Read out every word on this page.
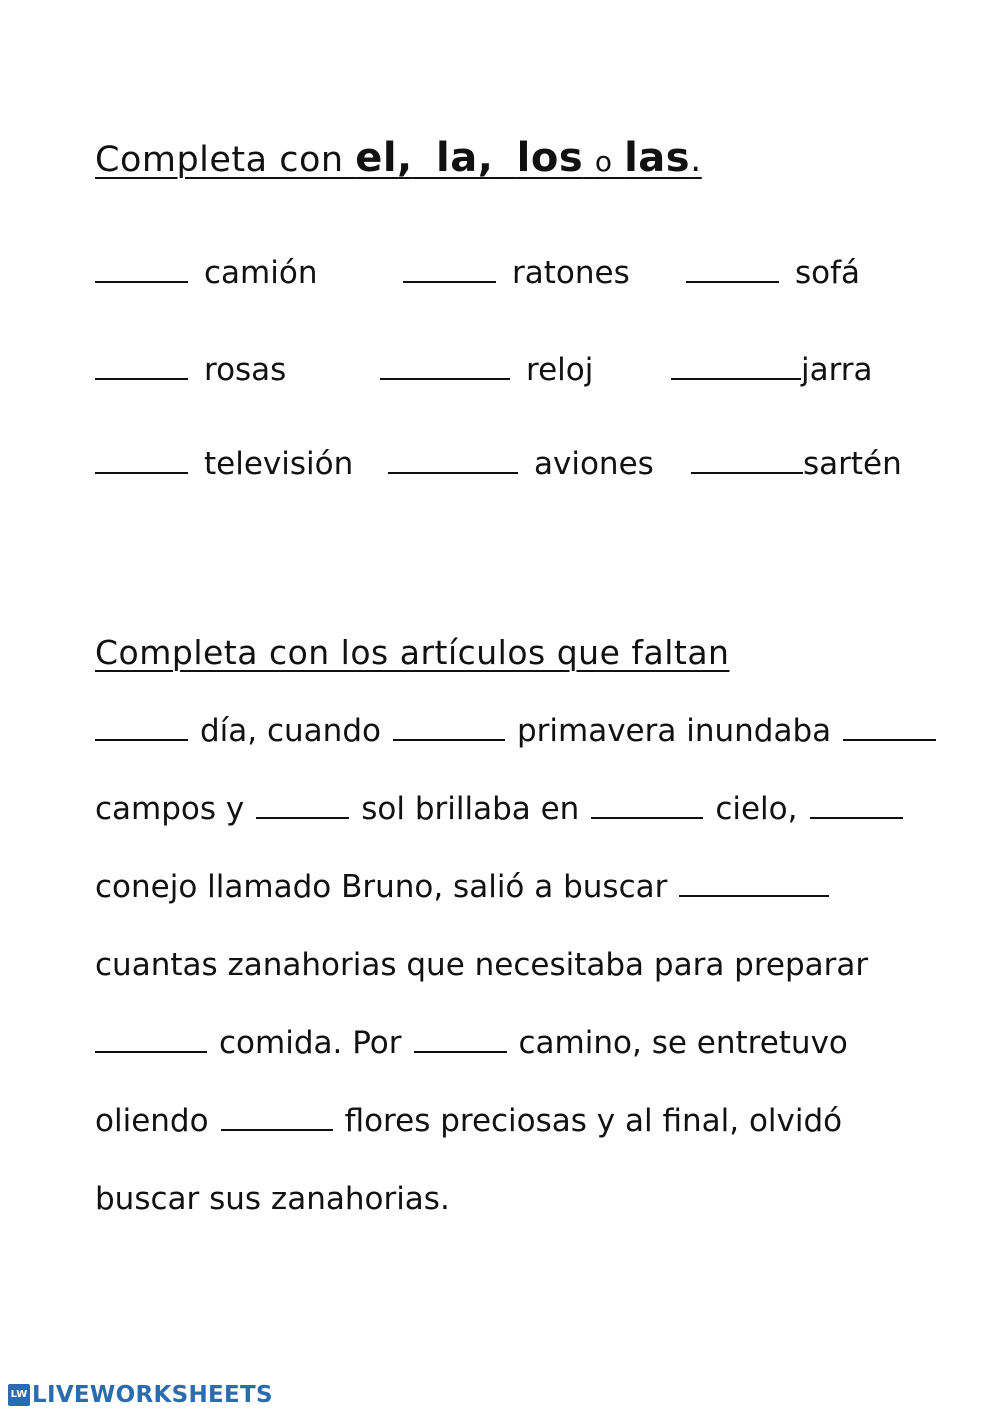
Completa con el, la, los o las.
camión	ratones	sofá
rosas	reloj	jarra
televisión	aviones	sartén
Completa con los artículos que faltan
día, cuando	primavera inundaba
campos y	sol brillaba en	cielo,
conejo llamado Bruno, salió a buscar
cuantas zanahorias que necesitaba para preparar
comida. Por	camino, se entretuvo
oliendo	flores preciosas y al final, olvidó
buscar sus zanahorias.
LW LIVEWORKSHEETS
